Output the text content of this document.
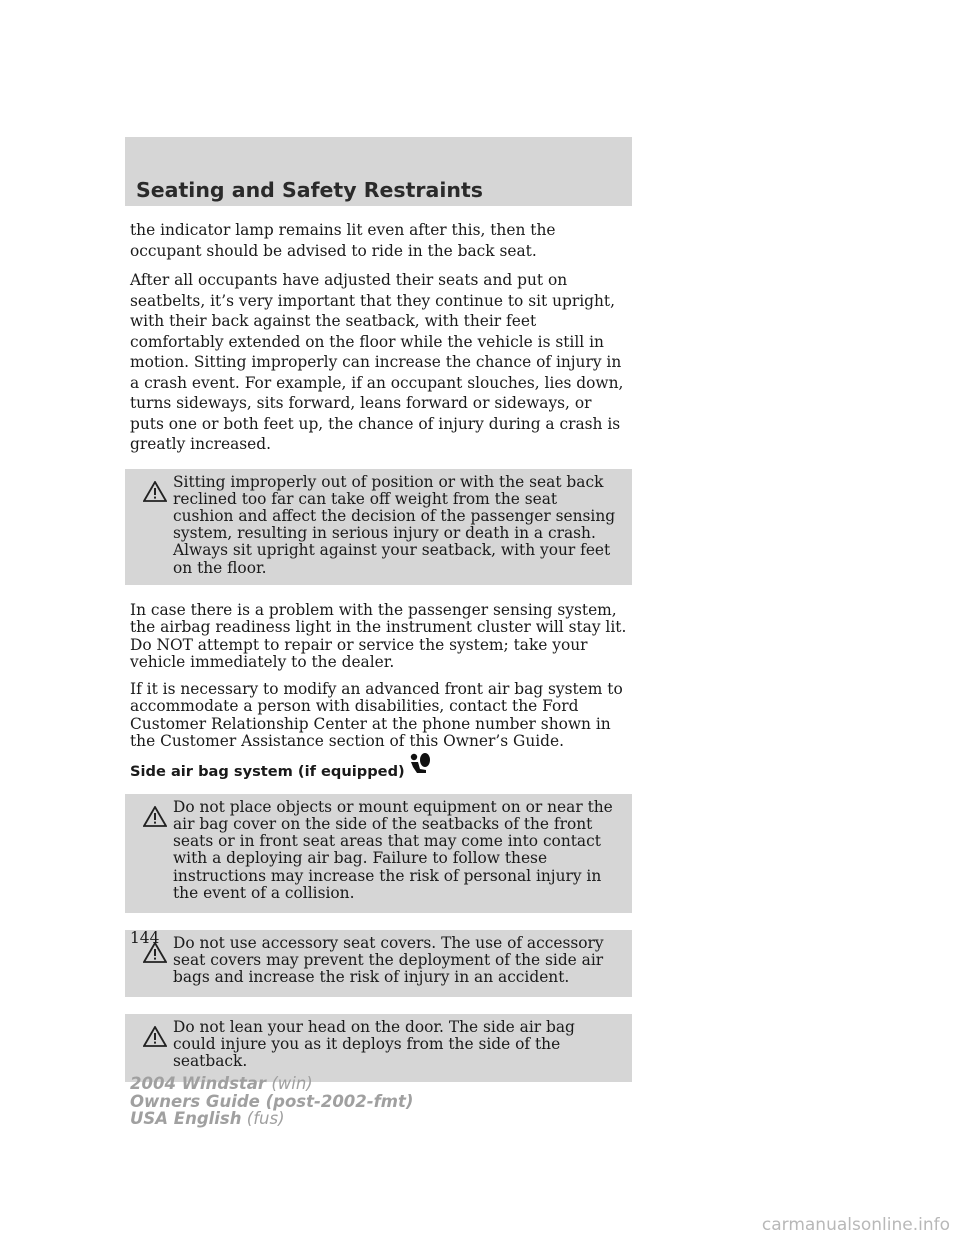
Seating and Safety Restraints

the indicator lamp remains lit even after this, then the occupant should be advised to ride in the back seat.

After all occupants have adjusted their seats and put on seatbelts, it’s very important that they continue to sit upright, with their back against the seatback, with their feet comfortably extended on the floor while the vehicle is still in motion. Sitting improperly can increase the chance of injury in a crash event. For example, if an occupant slouches, lies down, turns sideways, sits forward, leans forward or sideways, or puts one or both feet up, the chance of injury during a crash is greatly increased.

Sitting improperly out of position or with the seat back reclined too far can take off weight from the seat cushion and affect the decision of the passenger sensing system, resulting in serious injury or death in a crash. Always sit upright against your seatback, with your feet on the floor.

In case there is a problem with the passenger sensing system, the airbag readiness light in the instrument cluster will stay lit. Do NOT attempt to repair or service the system; take your vehicle immediately to the dealer.

If it is necessary to modify an advanced front air bag system to accommodate a person with disabilities, contact the Ford Customer Relationship Center at the phone number shown in the Customer Assistance section of this Owner’s Guide.

Side air bag system (if equipped)

Do not place objects or mount equipment on or near the air bag cover on the side of the seatbacks of the front seats or in front seat areas that may come into contact with a deploying air bag. Failure to follow these instructions may increase the risk of personal injury in the event of a collision.

Do not use accessory seat covers. The use of accessory seat covers may prevent the deployment of the side air bags and increase the risk of injury in an accident.

Do not lean your head on the door. The side air bag could injure you as it deploys from the side of the seatback.

144
2004 Windstar (win)
Owners Guide (post-2002-fmt)
USA English (fus)
carmanualsonline.info
